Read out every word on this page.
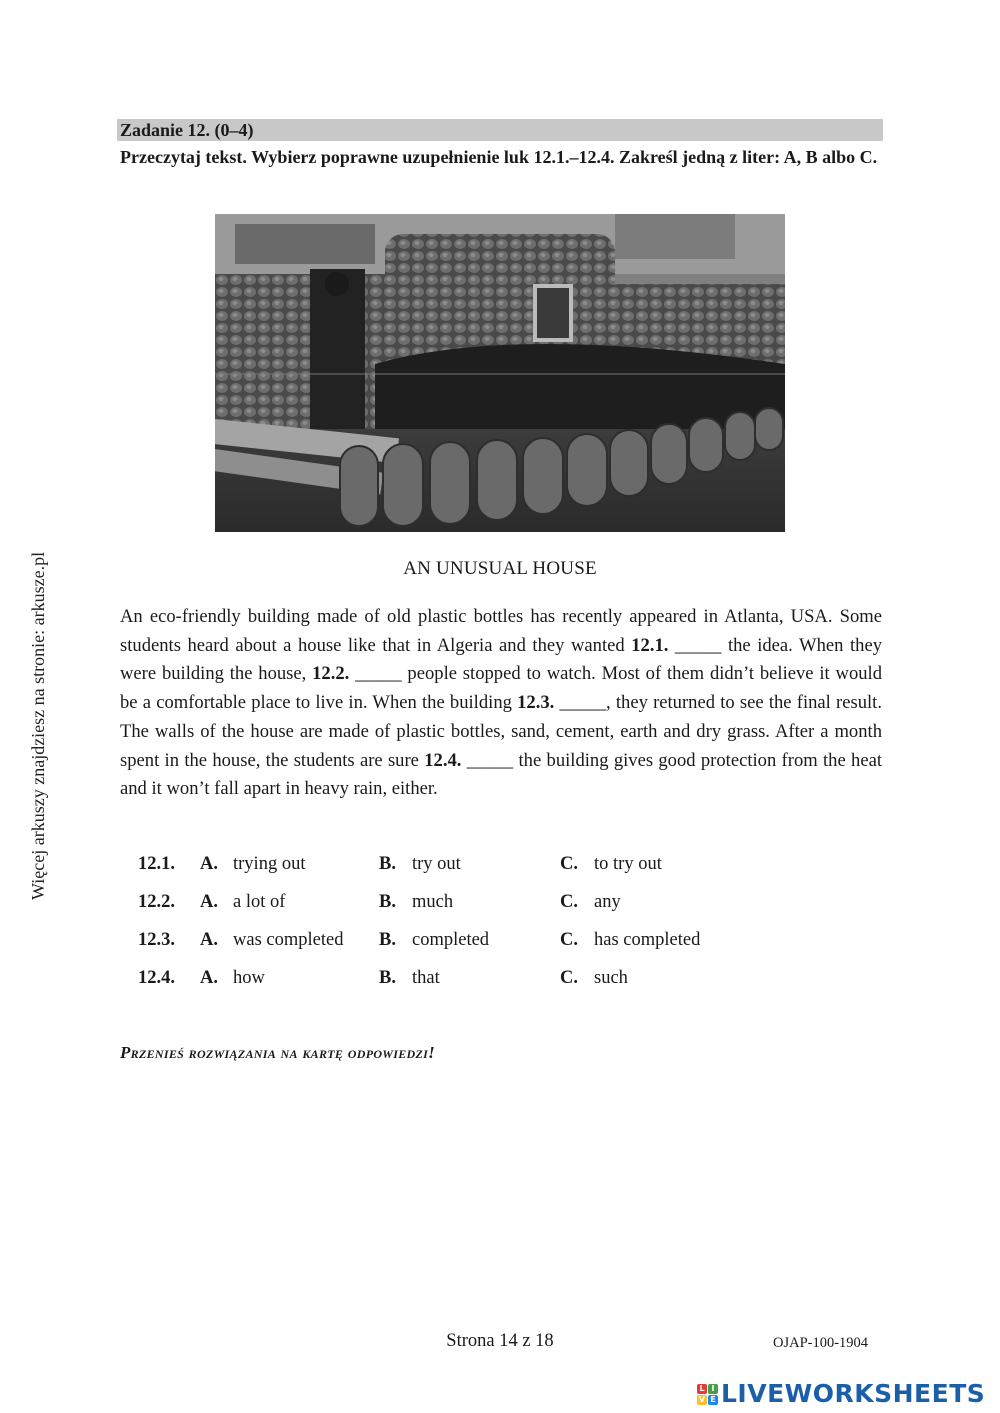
Więcej arkuszy znajdziesz na stronie: arkusze.pl
Zadanie 12. (0–4)
Przeczytaj tekst. Wybierz poprawne uzupełnienie luk 12.1.–12.4. Zakreśl jedną z liter: A, B albo C.
AN UNUSUAL HOUSE

An eco-friendly building made of old plastic bottles has recently appeared in Atlanta, USA. Some students heard about a house like that in Algeria and they wanted 12.1. _____ the idea. When they were building the house, 12.2. _____ people stopped to watch. Most of them didn’t believe it would be a comfortable place to live in. When the building 12.3. _____, they returned to see the final result. The walls of the house are made of plastic bottles, sand, cement, earth and dry grass. After a month spent in the house, the students are sure 12.4. _____ the building gives good protection from the heat and it won’t fall apart in heavy rain, either.

12.1. A. trying out	B. try out	C. to try out
12.2. A. a lot of	B. much	C. any
12.3. A. was completed B. completed	C. has completed
12.4. A. how	B. that	C. such
Przenieś rozwiązania na kartę odpowiedzi!
Strona 14 z 18	OJAP-100-1904
L I
V E LIVEWORKSHEETS
